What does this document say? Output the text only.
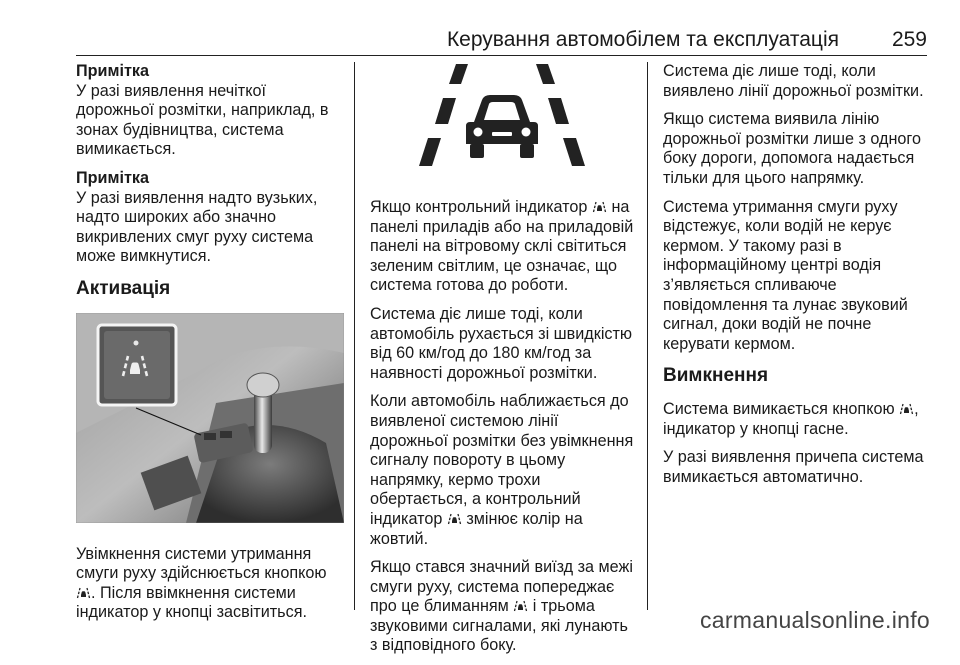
Керування автомобілем та експлуатація	259
Примітка
У разі виявлення нечіткої дорожньої розмітки, наприклад, в зонах будівництва, система вимикається.
Примітка
У разі виявлення надто вузьких, надто широких або значно викривлених смуг руху система може вимкнутися.
Активація
Увімкнення системи утримання смуги руху здійснюється кнопкою . Після ввімкнення системи індикатор у кнопці засвітиться.
Якщо контрольний індикатор на панелі приладів або на приладовій панелі на вітровому склі світиться зеленим світлим, це означає, що система готова до роботи.
Система діє лише тоді, коли автомобіль рухається зі швидкістю від 60 км/год до 180 км/год за наявності дорожньої розмітки.
Коли автомобіль наближається до виявленої системою лінії дорожньої розмітки без увімкнення сигналу повороту в цьому напрямку, кермо трохи обертається, а контрольний індикатор змінює колір на жовтий.
Якщо стався значний виїзд за межі смуги руху, система попереджає про це блиманням і трьома звуковими сигналами, які лунають з відповідного боку.
Система діє лише тоді, коли виявлено лінії дорожньої розмітки.
Якщо система виявила лінію дорожньої розмітки лише з одного боку дороги, допомога надається тільки для цього напрямку.
Система утримання смуги руху відстежує, коли водій не керує кермом. У такому разі в інформаційному центрі водія з’являється спливаюче повідомлення та лунає звуковий сигнал, доки водій не почне керувати кермом.
Вимкнення
Система вимикається кнопкою , індикатор у кнопці гасне.
У разі виявлення причепа система вимикається автоматично.
carmanualsonline.info
